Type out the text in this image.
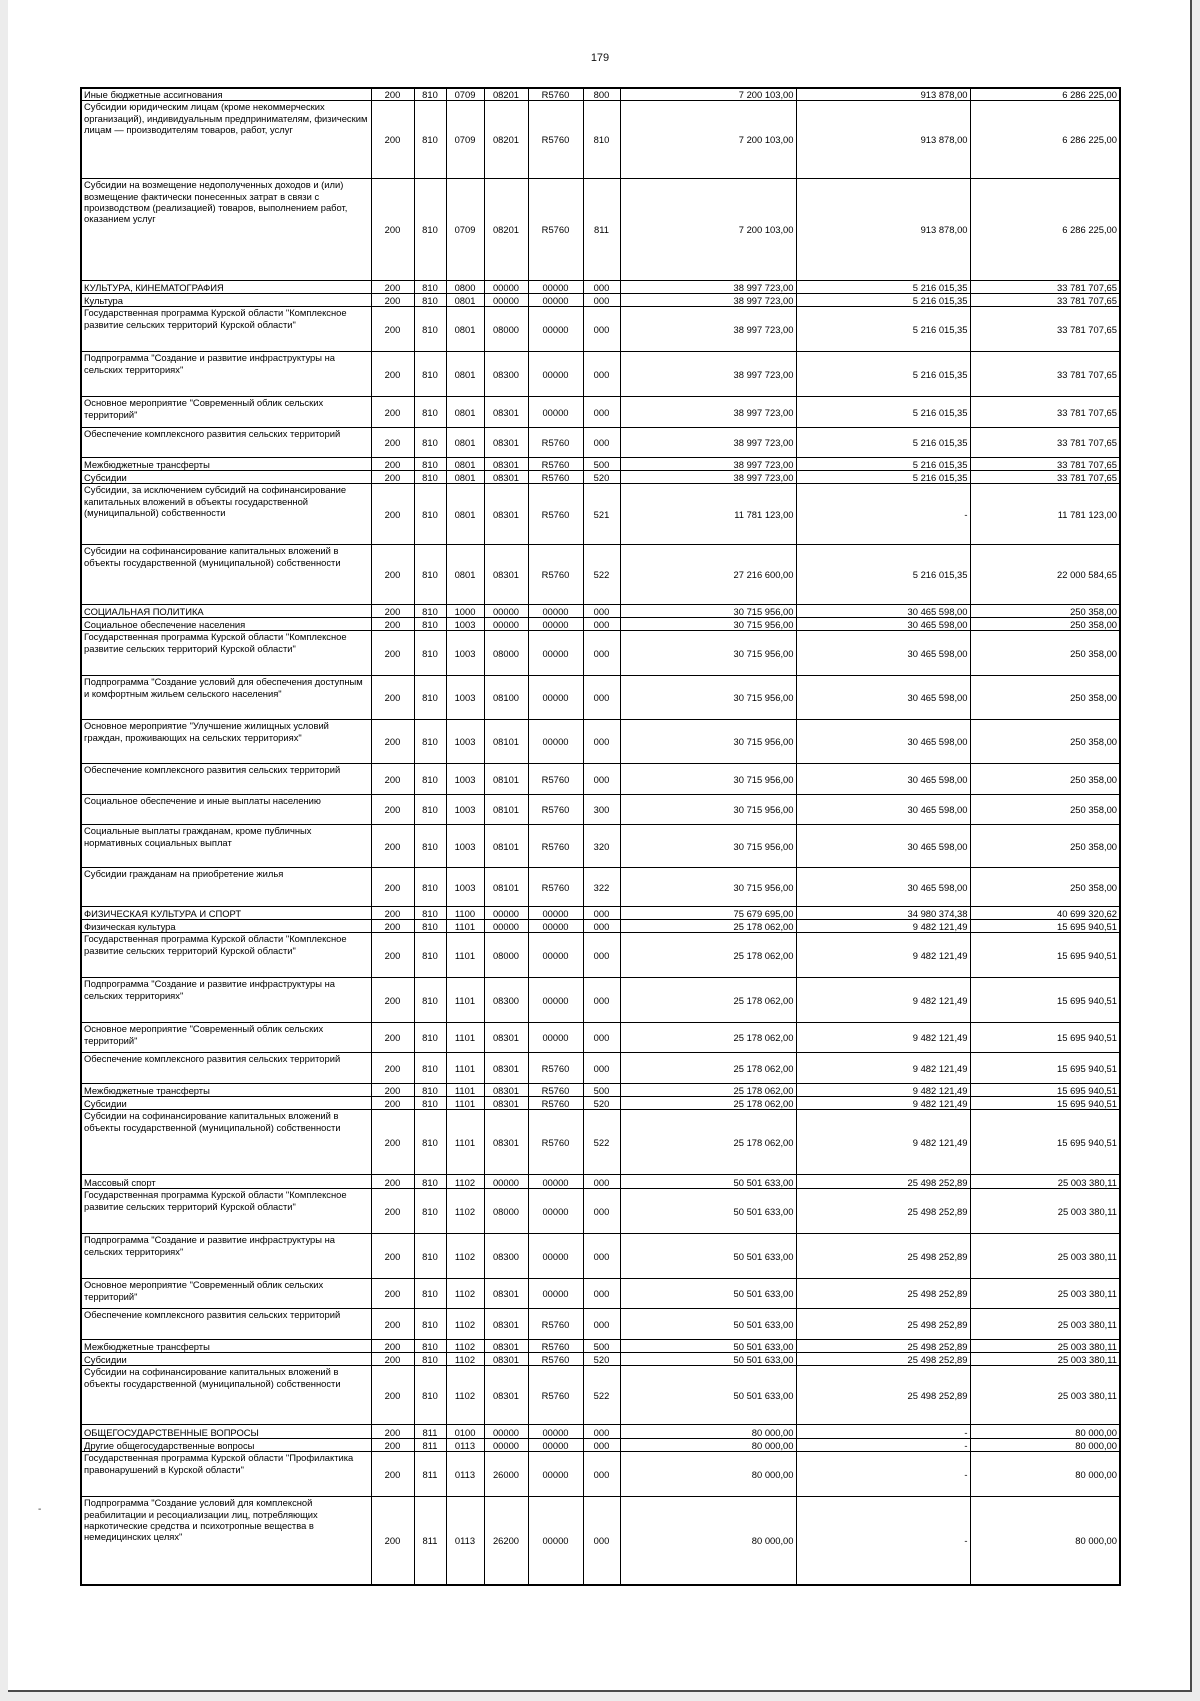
179
-
Иные бюджетные ассигнования	200	810	0709	08201	R5760	800	7 200 103,00	913 878,00	6 286 225,00
Субсидии юридическим лицам (кроме некоммерческих организаций), индивидуальным предпринимателям, физическим лицам — производителям товаров, работ, услуг	200	810	0709	08201	R5760	810	7 200 103,00	913 878,00	6 286 225,00
Субсидии на возмещение недополученных доходов и (или) возмещение фактически понесенных затрат в связи с производством (реализацией) товаров, выполнением работ, оказанием услуг	200	810	0709	08201	R5760	811	7 200 103,00	913 878,00	6 286 225,00
КУЛЬТУРА, КИНЕМАТОГРАФИЯ	200	810	0800	00000	00000	000	38 997 723,00	5 216 015,35	33 781 707,65
Культура	200	810	0801	00000	00000	000	38 997 723,00	5 216 015,35	33 781 707,65
Государственная программа Курской области "Комплексное развитие сельских территорий Курской области"	200	810	0801	08000	00000	000	38 997 723,00	5 216 015,35	33 781 707,65
Подпрограмма "Создание и развитие инфраструктуры на сельских территориях"	200	810	0801	08300	00000	000	38 997 723,00	5 216 015,35	33 781 707,65
Основное мероприятие "Современный облик сельских территорий"	200	810	0801	08301	00000	000	38 997 723,00	5 216 015,35	33 781 707,65
Обеспечение комплексного развития сельских территорий	200	810	0801	08301	R5760	000	38 997 723,00	5 216 015,35	33 781 707,65
Межбюджетные трансферты	200	810	0801	08301	R5760	500	38 997 723,00	5 216 015,35	33 781 707,65
Субсидии	200	810	0801	08301	R5760	520	38 997 723,00	5 216 015,35	33 781 707,65
Субсидии, за исключением субсидий на софинансирование капитальных вложений в объекты государственной (муниципальной) собственности	200	810	0801	08301	R5760	521	11 781 123,00	-	11 781 123,00
Субсидии на софинансирование капитальных вложений в объекты государственной (муниципальной) собственности	200	810	0801	08301	R5760	522	27 216 600,00	5 216 015,35	22 000 584,65
СОЦИАЛЬНАЯ ПОЛИТИКА	200	810	1000	00000	00000	000	30 715 956,00	30 465 598,00	250 358,00
Социальное обеспечение населения	200	810	1003	00000	00000	000	30 715 956,00	30 465 598,00	250 358,00
Государственная программа Курской области "Комплексное развитие сельских территорий Курской области"	200	810	1003	08000	00000	000	30 715 956,00	30 465 598,00	250 358,00
Подпрограмма "Создание условий для обеспечения доступным и комфортным жильем сельского населения"	200	810	1003	08100	00000	000	30 715 956,00	30 465 598,00	250 358,00
Основное мероприятие "Улучшение жилищных условий граждан, проживающих на сельских территориях"	200	810	1003	08101	00000	000	30 715 956,00	30 465 598,00	250 358,00
Обеспечение комплексного развития сельских территорий	200	810	1003	08101	R5760	000	30 715 956,00	30 465 598,00	250 358,00
Социальное обеспечение и иные выплаты населению	200	810	1003	08101	R5760	300	30 715 956,00	30 465 598,00	250 358,00
Социальные выплаты гражданам, кроме публичных нормативных социальных выплат	200	810	1003	08101	R5760	320	30 715 956,00	30 465 598,00	250 358,00
Субсидии гражданам на приобретение жилья	200	810	1003	08101	R5760	322	30 715 956,00	30 465 598,00	250 358,00
ФИЗИЧЕСКАЯ КУЛЬТУРА И СПОРТ	200	810	1100	00000	00000	000	75 679 695,00	34 980 374,38	40 699 320,62
Физическая культура	200	810	1101	00000	00000	000	25 178 062,00	9 482 121,49	15 695 940,51
Государственная программа Курской области "Комплексное развитие сельских территорий Курской области"	200	810	1101	08000	00000	000	25 178 062,00	9 482 121,49	15 695 940,51
Подпрограмма "Создание и развитие инфраструктуры на сельских территориях"	200	810	1101	08300	00000	000	25 178 062,00	9 482 121,49	15 695 940,51
Основное мероприятие "Современный облик сельских территорий"	200	810	1101	08301	00000	000	25 178 062,00	9 482 121,49	15 695 940,51
Обеспечение комплексного развития сельских территорий	200	810	1101	08301	R5760	000	25 178 062,00	9 482 121,49	15 695 940,51
Межбюджетные трансферты	200	810	1101	08301	R5760	500	25 178 062,00	9 482 121,49	15 695 940,51
Субсидии	200	810	1101	08301	R5760	520	25 178 062,00	9 482 121,49	15 695 940,51
Субсидии на софинансирование капитальных вложений в объекты государственной (муниципальной) собственности	200	810	1101	08301	R5760	522	25 178 062,00	9 482 121,49	15 695 940,51
Массовый спорт	200	810	1102	00000	00000	000	50 501 633,00	25 498 252,89	25 003 380,11
Государственная программа Курской области "Комплексное развитие сельских территорий Курской области"	200	810	1102	08000	00000	000	50 501 633,00	25 498 252,89	25 003 380,11
Подпрограмма "Создание и развитие инфраструктуры на сельских территориях"	200	810	1102	08300	00000	000	50 501 633,00	25 498 252,89	25 003 380,11
Основное мероприятие "Современный облик сельских территорий"	200	810	1102	08301	00000	000	50 501 633,00	25 498 252,89	25 003 380,11
Обеспечение комплексного развития сельских территорий	200	810	1102	08301	R5760	000	50 501 633,00	25 498 252,89	25 003 380,11
Межбюджетные трансферты	200	810	1102	08301	R5760	500	50 501 633,00	25 498 252,89	25 003 380,11
Субсидии	200	810	1102	08301	R5760	520	50 501 633,00	25 498 252,89	25 003 380,11
Субсидии на софинансирование капитальных вложений в объекты государственной (муниципальной) собственности	200	810	1102	08301	R5760	522	50 501 633,00	25 498 252,89	25 003 380,11
ОБЩЕГОСУДАРСТВЕННЫЕ ВОПРОСЫ	200	811	0100	00000	00000	000	80 000,00	-	80 000,00
Другие общегосударственные вопросы	200	811	0113	00000	00000	000	80 000,00	-	80 000,00
Государственная программа Курской области "Профилактика правонарушений в Курской области"	200	811	0113	26000	00000	000	80 000,00	-	80 000,00
Подпрограмма "Создание условий для комплексной реабилитации и ресоциализации лиц, потребляющих наркотические средства и психотропные вещества в немедицинских целях"	200	811	0113	26200	00000	000	80 000,00	-	80 000,00
